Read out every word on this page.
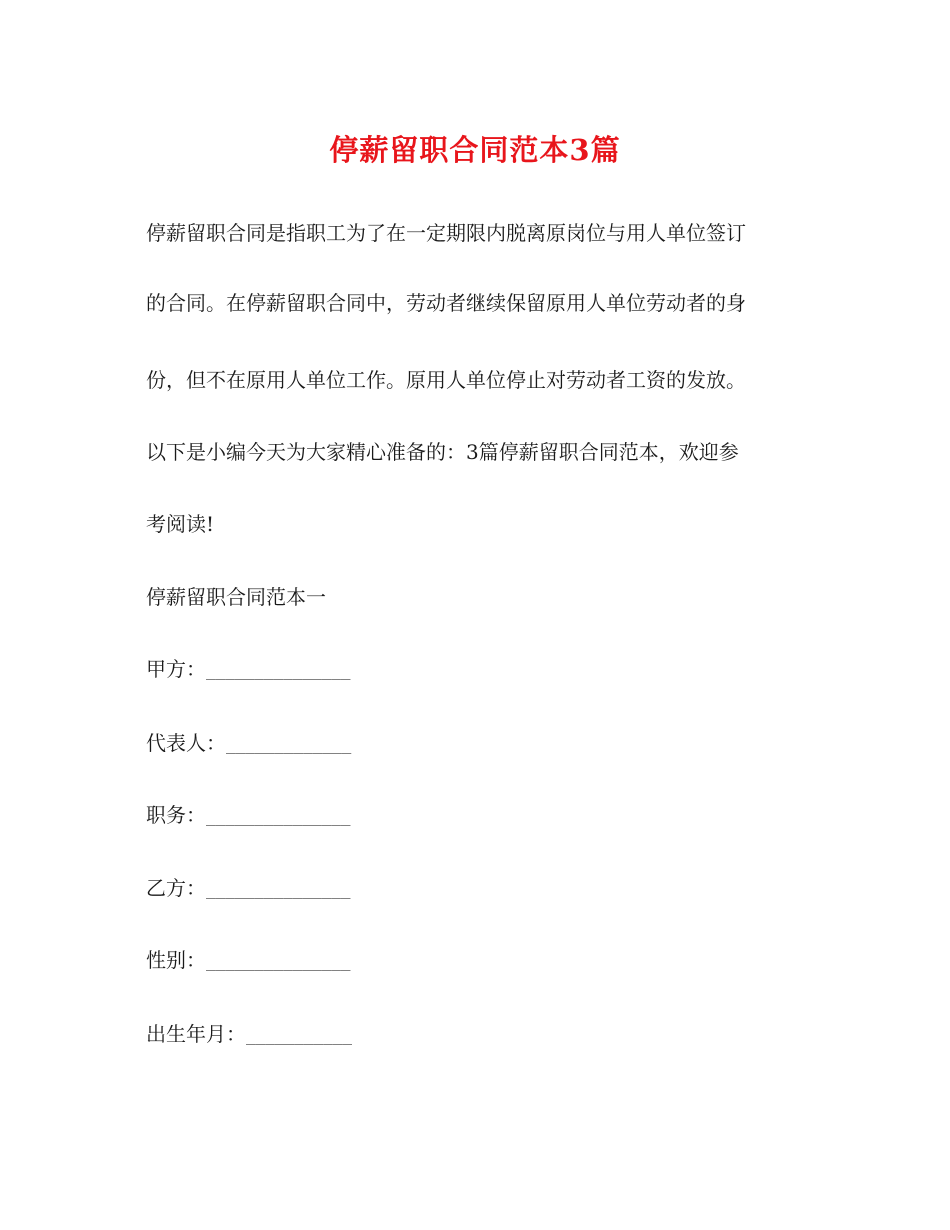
停薪留职合同范本3篇
停薪留职合同是指职工为了在一定期限内脱离原岗位与用人单位签订
的合同。在停薪留职合同中，劳动者继续保留原用人单位劳动者的身
份，但不在原用人单位工作。原用人单位停止对劳动者工资的发放。
以下是小编今天为大家精心准备的：3篇停薪留职合同范本，欢迎参
考阅读!
停薪留职合同范本一
甲方：_______________
代表人：_____________
职务：_______________
乙方：_______________
性别：_______________
出生年月：___________
